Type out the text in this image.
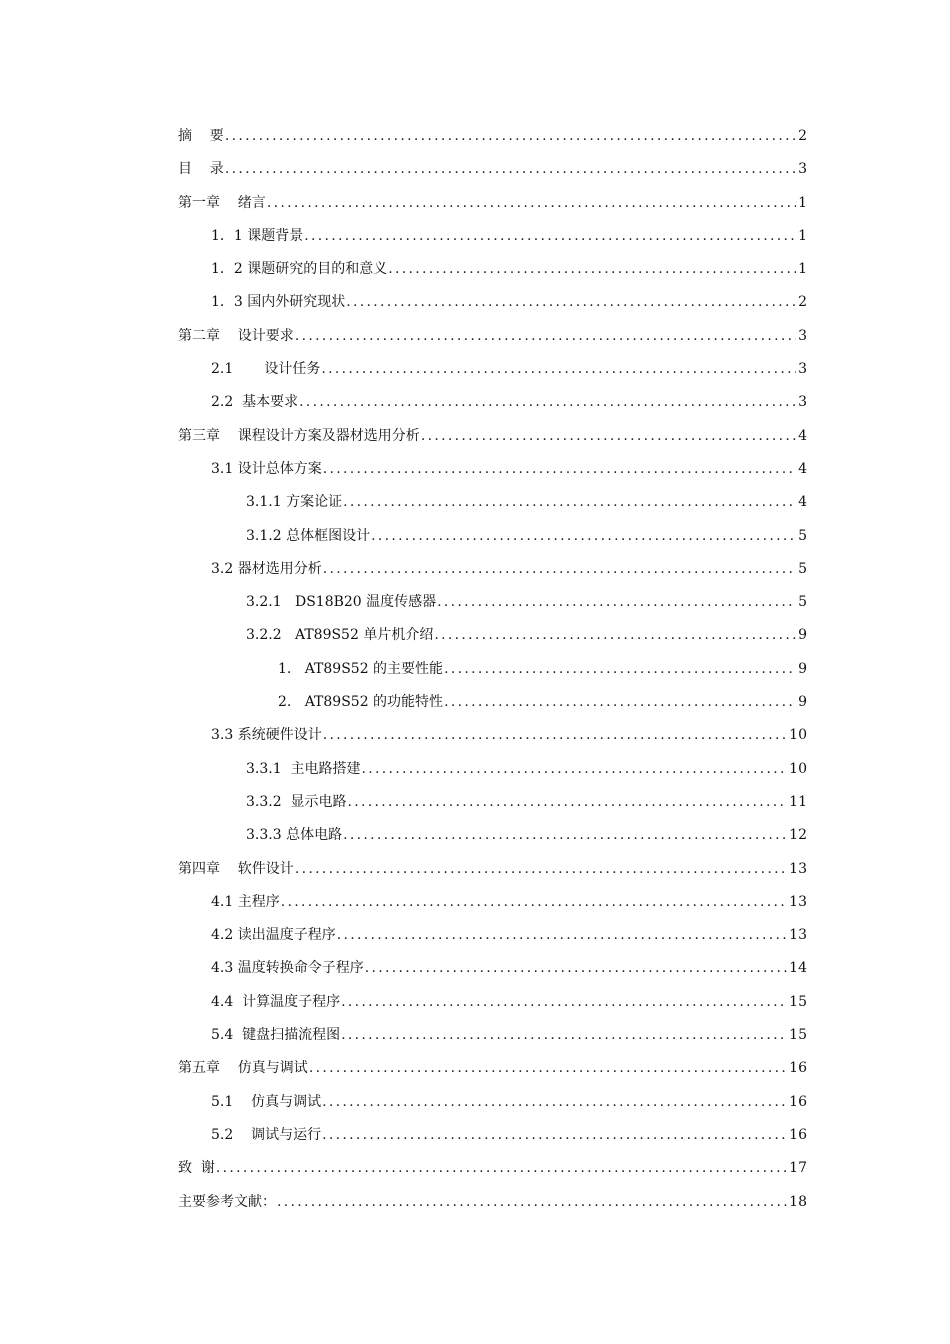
摘    要 .....	2
目    录 .....	3
第一章    绪言 .....	1
1．1 课题背景 .....	1
1．2 课题研究的目的和意义 .....	1
1．3 国内外研究现状 .....	2
第二章    设计要求 .....	3
2.1       设计任务 .....	3
2.2  基本要求 .....	3
第三章    课程设计方案及器材选用分析 .....	4
3.1 设计总体方案 .....	4
3.1.1 方案论证 .....	4
3.1.2 总体框图设计 .....	5
3.2 器材选用分析 .....	5
3.2.1   DS18B20 温度传感器 .....	5
3.2.2   AT89S52 单片机介绍 .....	9
1.   AT89S52 的主要性能 .....	9
2.   AT89S52 的功能特性 .....	9
3.3 系统硬件设计 .....	10
3.3.1  主电路搭建 .....	10
3.3.2  显示电路 .....	11
3.3.3 总体电路 .....	12
第四章    软件设计 .....	13
4.1 主程序 .....	13
4.2 读出温度子程序 .....	13
4.3 温度转换命令子程序 .....	14
4.4  计算温度子程序 .....	15
5.4  键盘扫描流程图 .....	15
第五章    仿真与调试 .....	16
5.1    仿真与调试 .....	16
5.2    调试与运行 .....	16
致  谢 .....	17
主要参考文献： .....	18
